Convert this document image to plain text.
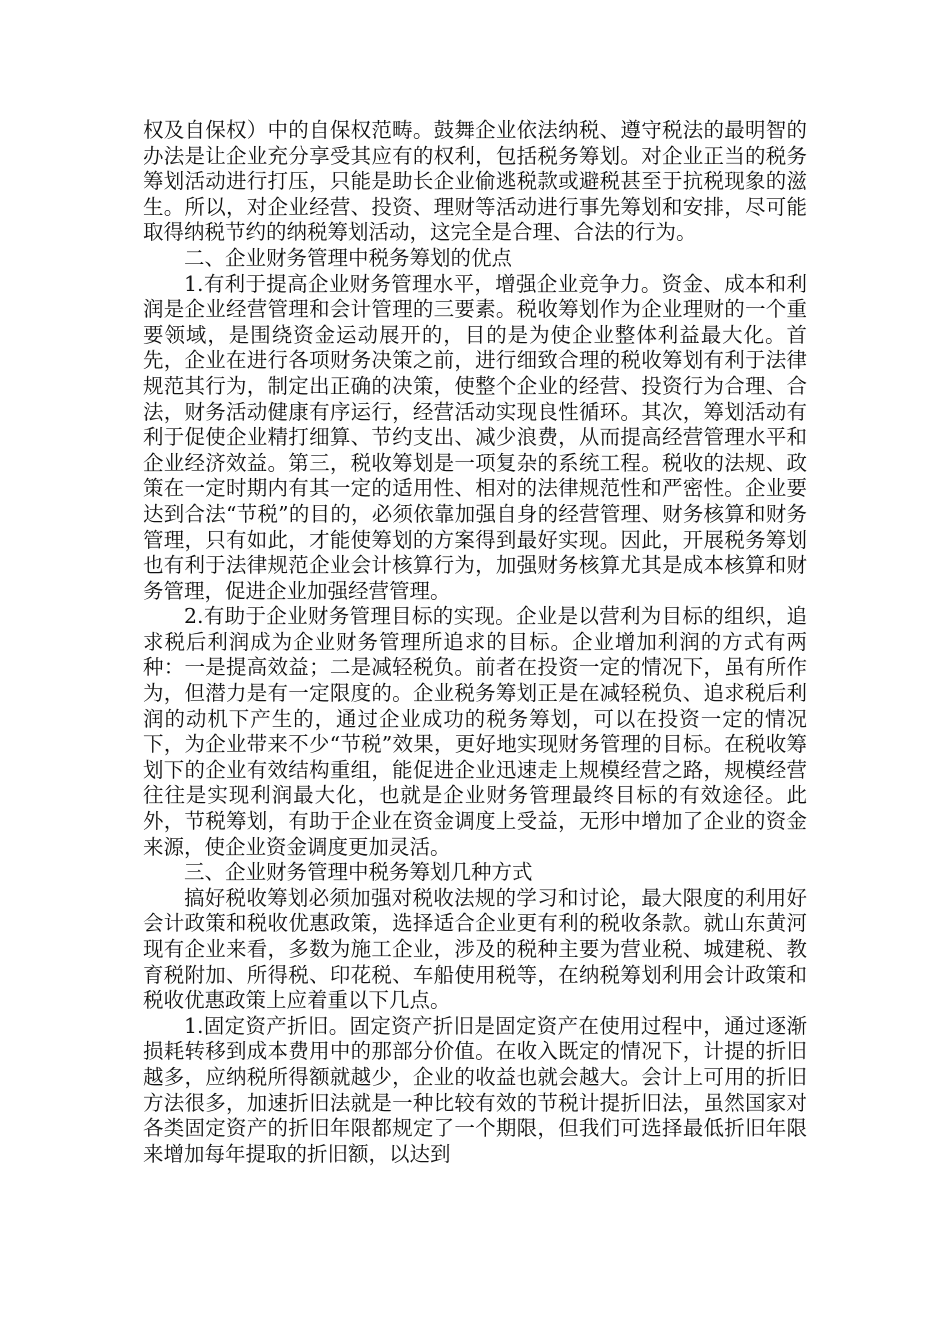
权及自保权）中的自保权范畴。鼓舞企业依法纳税、遵守税法的最明智的办法是让企业充分享受其应有的权利，包括税务筹划。对企业正当的税务筹划活动进行打压，只能是助长企业偷逃税款或避税甚至于抗税现象的滋生。所以，对企业经营、投资、理财等活动进行事先筹划和安排，尽可能取得纳税节约的纳税筹划活动，这完全是合理、合法的行为。

二、企业财务管理中税务筹划的优点

1.有利于提高企业财务管理水平，增强企业竞争力。资金、成本和利润是企业经营管理和会计管理的三要素。税收筹划作为企业理财的一个重要领域，是围绕资金运动展开的，目的是为使企业整体利益最大化。首先，企业在进行各项财务决策之前，进行细致合理的税收筹划有利于法律规范其行为，制定出正确的决策，使整个企业的经营、投资行为合理、合法，财务活动健康有序运行，经营活动实现良性循环。其次，筹划活动有利于促使企业精打细算、节约支出、减少浪费，从而提高经营管理水平和企业经济效益。第三，税收筹划是一项复杂的系统工程。税收的法规、政策在一定时期内有其一定的适用性、相对的法律规范性和严密性。企业要达到合法“节税”的目的，必须依靠加强自身的经营管理、财务核算和财务管理，只有如此，才能使筹划的方案得到最好实现。因此，开展税务筹划也有利于法律规范企业会计核算行为，加强财务核算尤其是成本核算和财务管理，促进企业加强经营管理。

2.有助于企业财务管理目标的实现。企业是以营利为目标的组织，追求税后利润成为企业财务管理所追求的目标。企业增加利润的方式有两种：一是提高效益；二是减轻税负。前者在投资一定的情况下，虽有所作为，但潜力是有一定限度的。企业税务筹划正是在减轻税负、追求税后利润的动机下产生的，通过企业成功的税务筹划，可以在投资一定的情况下，为企业带来不少“节税”效果，更好地实现财务管理的目标。在税收筹划下的企业有效结构重组，能促进企业迅速走上规模经营之路，规模经营往往是实现利润最大化，也就是企业财务管理最终目标的有效途径。此外，节税筹划，有助于企业在资金调度上受益，无形中增加了企业的资金来源，使企业资金调度更加灵活。

三、企业财务管理中税务筹划几种方式

搞好税收筹划必须加强对税收法规的学习和讨论，最大限度的利用好会计政策和税收优惠政策，选择适合企业更有利的税收条款。就山东黄河现有企业来看，多数为施工企业，涉及的税种主要为营业税、城建税、教育税附加、所得税、印花税、车船使用税等，在纳税筹划利用会计政策和税收优惠政策上应着重以下几点。

1.固定资产折旧。固定资产折旧是固定资产在使用过程中，通过逐渐损耗转移到成本费用中的那部分价值。在收入既定的情况下，计提的折旧越多，应纳税所得额就越少，企业的收益也就会越大。会计上可用的折旧方法很多，加速折旧法就是一种比较有效的节税计提折旧法，虽然国家对各类固定资产的折旧年限都规定了一个期限，但我们可选择最低折旧年限来增加每年提取的折旧额，以达到
